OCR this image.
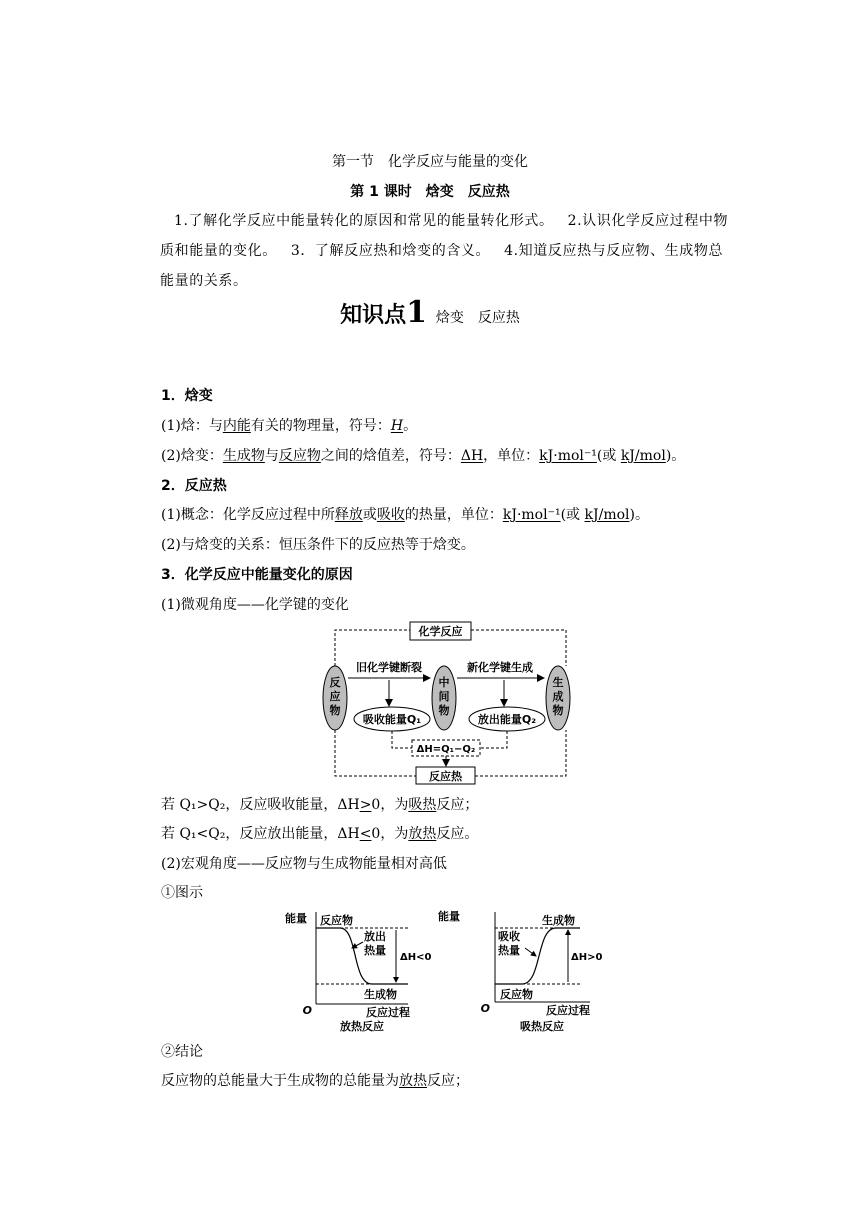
第一节　化学反应与能量的变化
第 1 课时　焓变　反应热
1.了解化学反应中能量转化的原因和常见的能量转化形式。 2.认识化学反应过程中物质和能量的变化。 3．了解反应热和焓变的含义。 4.知道反应热与反应物、生成物总能量的关系。
知识点1 焓变　反应热
1．焓变
(1)焓：与内能有关的物理量，符号：H。
(2)焓变：生成物与反应物之间的焓值差，符号：ΔH，单位：kJ·mol⁻¹(或 kJ/mol)。
2．反应热
(1)概念：化学反应过程中所释放或吸收的热量，单位：kJ·mol⁻¹(或 kJ/mol)。
(2)与焓变的关系：恒压条件下的反应热等于焓变。
3．化学反应中能量变化的原因
(1)微观角度——化学键的变化
化学反应
反
应
物
中
间
物
生
成
物
旧化学键断裂	新化学键生成
吸收能量Q₁	放出能量Q₂
ΔH=Q₁−Q₂
反应热
若 Q₁>Q₂，反应吸收能量，ΔH>0，为吸热反应；
若 Q₁<Q₂，反应放出能量，ΔH<0，为放热反应。
(2)宏观角度——反应物与生成物能量相对高低
①图示
能量
O
反应物
放出
热量
ΔH<0
生成物
反应过程
放热反应
能量
O
生成物
吸收
热量
ΔH>0
反应物
反应过程
吸热反应
②结论
反应物的总能量大于生成物的总能量为放热反应；
